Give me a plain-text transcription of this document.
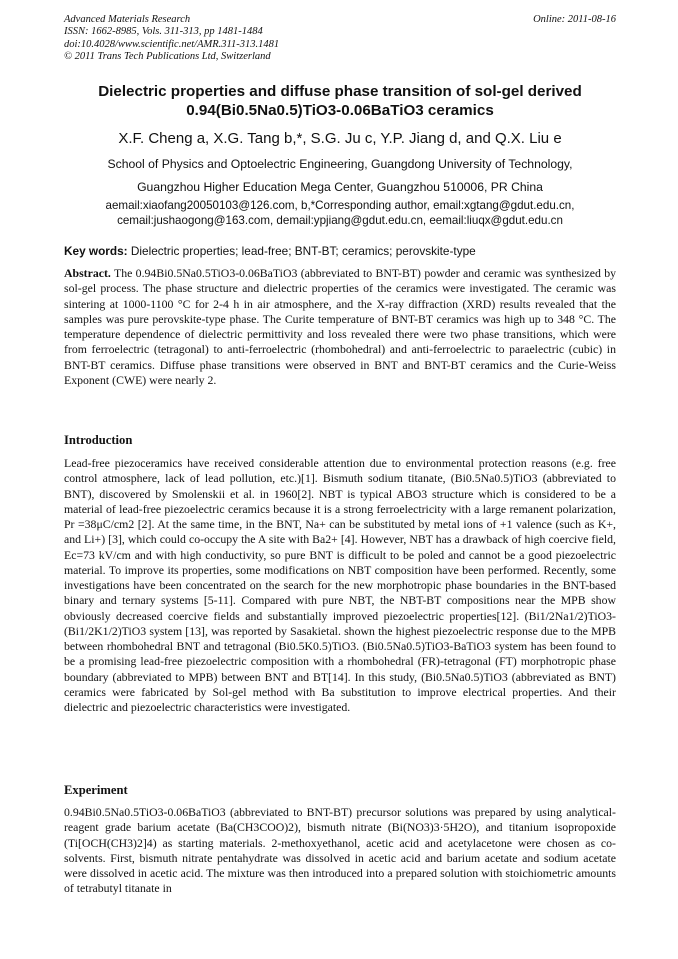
Advanced Materials Research
ISSN: 1662-8985, Vols. 311-313, pp 1481-1484
doi:10.4028/www.scientific.net/AMR.311-313.1481
© 2011 Trans Tech Publications Ltd, Switzerland
Online: 2011-08-16
Dielectric properties and diffuse phase transition of sol-gel derived
0.94(Bi0.5Na0.5)TiO3-0.06BaTiO3 ceramics
X.F. Cheng a, X.G. Tang b,*, S.G. Ju c, Y.P. Jiang d, and Q.X. Liu e
School of Physics and Optoelectric Engineering, Guangdong University of Technology,
Guangzhou Higher Education Mega Center, Guangzhou 510006, PR China
aemail:xiaofang20050103@126.com, b,*Corresponding author, email:xgtang@gdut.edu.cn,
cemail:jushaogong@163.com, demail:ypjiang@gdut.edu.cn, eemail:liuqx@gdut.edu.cn
Key words: Dielectric properties; lead-free; BNT-BT; ceramics; perovskite-type
Abstract. The 0.94Bi0.5Na0.5TiO3-0.06BaTiO3 (abbreviated to BNT-BT) powder and ceramic was synthesized by sol-gel process. The phase structure and dielectric properties of the ceramics were investigated. The ceramic was sintering at 1000-1100 °C for 2-4 h in air atmosphere, and the X-ray diffraction (XRD) results revealed that the samples was pure perovskite-type phase. The Curite temperature of BNT-BT ceramics was high up to 348 °C. The temperature dependence of dielectric permittivity and loss revealed there were two phase transitions, which were from ferroelectric (tetragonal) to anti-ferroelectric (rhombohedral) and anti-ferroelectric to paraelectric (cubic) in BNT-BT ceramics. Diffuse phase transitions were observed in BNT and BNT-BT ceramics and the Curie-Weiss Exponent (CWE) were nearly 2.
Introduction
Lead-free piezoceramics have received considerable attention due to environmental protection reasons (e.g. free control atmosphere, lack of lead pollution, etc.)[1]. Bismuth sodium titanate, (Bi0.5Na0.5)TiO3 (abbreviated to BNT), discovered by Smolenskii et al. in 1960[2]. NBT is typical ABO3 structure which is considered to be a material of lead-free piezoelectric ceramics because it is a strong ferroelectricity with a large remanent polarization, Pr =38μC/cm2 [2]. At the same time, in the BNT, Na+ can be substituted by metal ions of +1 valence (such as K+, and Li+) [3], which could co-occupy the A site with Ba2+ [4]. However, NBT has a drawback of high coercive field, Ec=73 kV/cm and with high conductivity, so pure BNT is difficult to be poled and cannot be a good piezoelectric material. To improve its properties, some modifications on NBT composition have been performed. Recently, some investigations have been concentrated on the search for the new morphotropic phase boundaries in the BNT-based binary and ternary systems [5-11]. Compared with pure NBT, the NBT-BT compositions near the MPB show obviously decreased coercive fields and substantially improved piezoelectric properties[12]. (Bi1/2Na1/2)TiO3-(Bi1/2K1/2)TiO3 system [13], was reported by Sasakietal. shown the highest piezoelectric response due to the MPB between rhombohedral BNT and tetragonal (Bi0.5K0.5)TiO3. (Bi0.5Na0.5)TiO3-BaTiO3 system has been found to be a promising lead-free piezoelectric composition with a rhombohedral (FR)-tetragonal (FT) morphotropic phase boundary (abbreviated to MPB) between BNT and BT[14]. In this study, (Bi0.5Na0.5)TiO3 (abbreviated as BNT) ceramics were fabricated by Sol-gel method with Ba substitution to improve electrical properties. And their dielectric and piezoelectric characteristics were investigated.
Experiment
0.94Bi0.5Na0.5TiO3-0.06BaTiO3 (abbreviated to BNT-BT) precursor solutions was prepared by using analytical-reagent grade barium acetate (Ba(CH3COO)2), bismuth nitrate (Bi(NO3)3·5H2O), and titanium isopropoxide (Ti[OCH(CH3)2]4) as starting materials. 2-methoxyethanol, acetic acid and acetylacetone were chosen as co-solvents. First, bismuth nitrate pentahydrate was dissolved in acetic acid and barium acetate and sodium acetate were dissolved in acetic acid. The mixture was then introduced into a prepared solution with stoichiometric amounts of tetrabutyl titanate in
